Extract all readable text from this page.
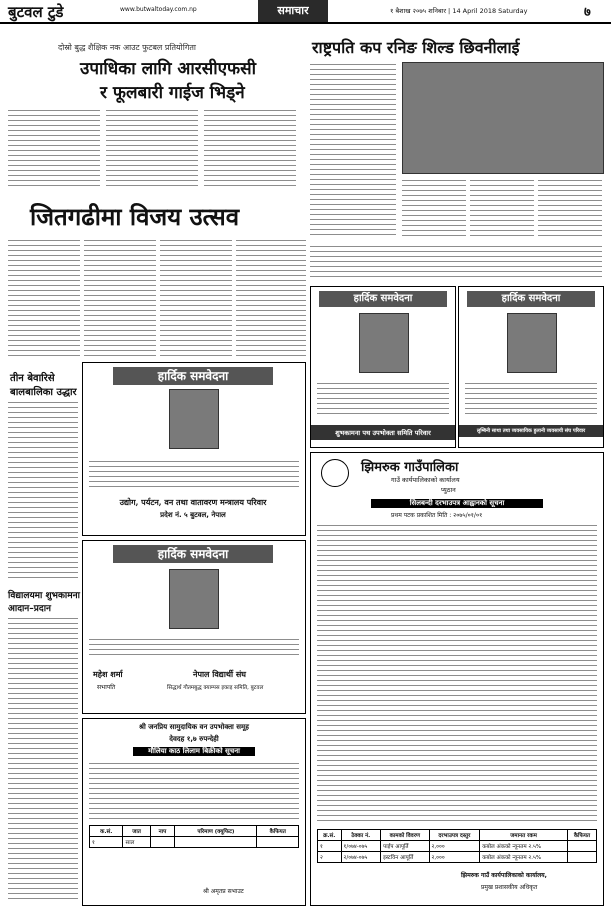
बुटवल टुडे	www.butwaltoday.com.np	समाचार	१ बैशाख २०७५ शनिबार | 14 April 2018 Saturday	७
दोस्रो बुद्ध शैक्षिक नक आउट फुटबल प्रतियोगिता
उपाधिका लागि आरसीएफसी
र फूलबारी गाईज भिड्ने
राष्ट्रपति कप रनिङ शिल्ड छिवनीलाई
जितगढीमा विजय उत्सव
तीन बेवारिसे
बालबालिका उद्धार
विद्यालयमा शुभकामना
आदान–प्रदान
हार्दिक समवेदना
उद्योग, पर्यटन, वन तथा वातावरण मन्त्रालय परिवार
प्रदेश नं. ५ बुटवल, नेपाल
हार्दिक समवेदना
महेश शर्मा
सभापति
नेपाल विद्यार्थी संघ
सिद्धार्थ गौतमबुद्ध क्याम्पस इकाइ समिति, बुटवल
श्री जनप्रिय सामुदायिक वन उपभोक्ता समूह
देवदह १,७ रुपन्देही
मौलिया काठ लिलाम बिक्रीको सूचना
क.सं.	जात	नाप	परिमाण (क्यूफिट)	कैफियत
१	साल			
श्री अमृतप्र सभाउट
हार्दिक समवेदना
शुभकामना पथ उपभोक्ता समिति परिवार
हार्दिक समवेदना
लुम्बिनी साथा तथा व्यवसायिक हुलानी व्यवसायी संघ परिवार
झिमरुक गाउँपालिका
गाउँ कार्यपालिकाको कार्यालय
प्युठान
सिलबन्दी दरभाउपत्र आह्वानको सूचना
प्रथम पटक प्रकाशित मिति : २०७५/०१/०१
क्र.सं.	ठेक्का नं.	कामको विवरण	दरभाउपत्र दस्तुर	जमानत रकम	कैफियत
१	१/०७४-०७५	पाईप आपूर्ति	२,०००	कबोल अंकको न्यूनतम २.५%	
२	२/०७४-०७५	इस्टविन आपूर्ति	२,०००	कबोल अंकको न्यूनतम २.५%	
झिमरुक गाउँ कार्यपालिकाको कार्यालय,
प्रमुख प्रशासकीय अधिकृत
